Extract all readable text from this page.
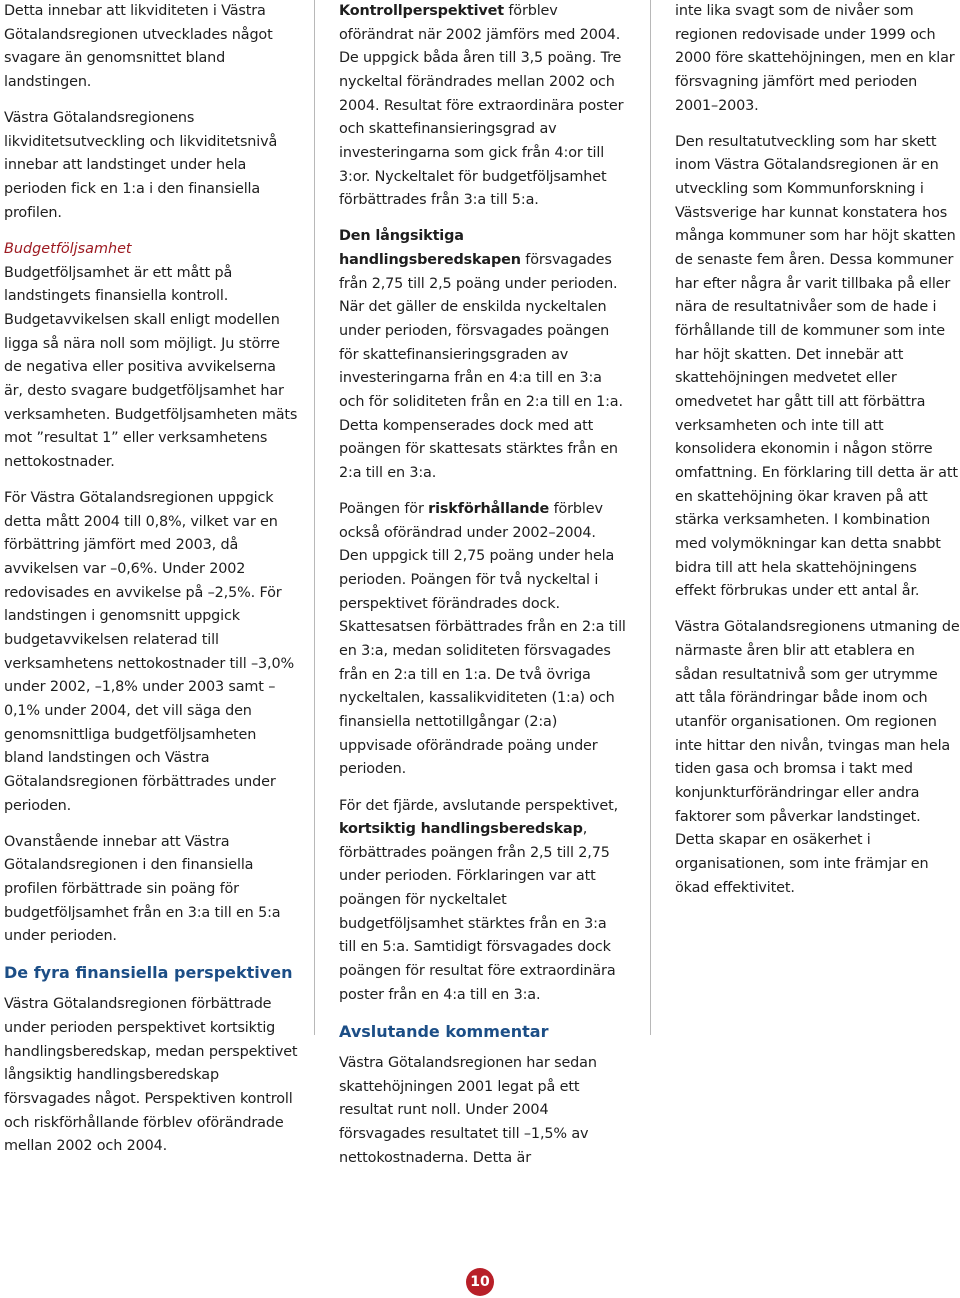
Detta innebar att likviditeten i Västra Götalandsregionen utvecklades något svagare än genomsnittet bland landstingen.

Västra Götalandsregionens likviditetsutveckling och likviditetsnivå innebar att landstinget under hela perioden fick en 1:a i den finansiella profilen.

Budgetföljsamhet

Budgetföljsamhet är ett mått på landstingets finansiella kontroll. Budgetavvikelsen skall enligt modellen ligga så nära noll som möjligt. Ju större de negativa eller positiva avvikelserna är, desto svagare budgetföljsamhet har verksamheten. Budgetföljsamheten mäts mot ”resultat 1” eller verksamhetens nettokostnader.

För Västra Götalandsregionen uppgick detta mått 2004 till 0,8%, vilket var en förbättring jämfört med 2003, då avvikelsen var –0,6%. Under 2002 redovisades en avvikelse på –2,5%. För landstingen i genomsnitt uppgick budgetavvikelsen relaterad till verksamhetens nettokostnader till –3,0% under 2002, –1,8% under 2003 samt –0,1% under 2004, det vill säga den genomsnittliga budgetföljsamheten bland landstingen och Västra Götalandsregionen förbättrades under perioden.

Ovanstående innebar att Västra Götalandsregionen i den finansiella profilen förbättrade sin poäng för budgetföljsamhet från en 3:a till en 5:a under perioden.

De fyra finansiella perspektiven

Västra Götalandsregionen förbättrade under perioden perspektivet kortsiktig handlingsberedskap, medan perspektivet långsiktig handlingsberedskap försvagades något. Perspektiven kontroll och riskförhållande förblev oförändrade mellan 2002 och 2004.

Kontrollperspektivet förblev oförändrat när 2002 jämförs med 2004. De uppgick båda åren till 3,5 poäng. Tre nyckeltal förändrades mellan 2002 och 2004. Resultat före extraordinära poster och skattefinansieringsgrad av investeringarna som gick från 4:or till 3:or. Nyckeltalet för budgetföljsamhet förbättrades från 3:a till 5:a.

Den långsiktiga handlingsberedskapen försvagades från 2,75 till 2,5 poäng under perioden. När det gäller de enskilda nyckeltalen under perioden, försvagades poängen för skattefinansieringsgraden av investeringarna från en 4:a till en 3:a och för soliditeten från en 2:a till en 1:a. Detta kompenserades dock med att poängen för skattesats stärktes från en 2:a till en 3:a.

Poängen för riskförhållande förblev också oförändrad under 2002–2004. Den uppgick till 2,75 poäng under hela perioden. Poängen för två nyckeltal i perspektivet förändrades dock. Skattesatsen förbättrades från en 2:a till en 3:a, medan soliditeten försvagades från en 2:a till en 1:a. De två övriga nyckeltalen, kassalikviditeten (1:a) och finansiella nettotillgångar (2:a) uppvisade oförändrade poäng under perioden.

För det fjärde, avslutande perspektivet, kortsiktig handlingsberedskap, förbättrades poängen från 2,5 till 2,75 under perioden. Förklaringen var att poängen för nyckeltalet budgetföljsamhet stärktes från en 3:a till en 5:a. Samtidigt försvagades dock poängen för resultat före extraordinära poster från en 4:a till en 3:a.

Avslutande kommentar

Västra Götalandsregionen har sedan skattehöjningen 2001 legat på ett resultat runt noll. Under 2004 försvagades resultatet till –1,5% av nettokostnaderna. Detta är

inte lika svagt som de nivåer som regionen redovisade under 1999 och 2000 före skattehöjningen, men en klar försvagning jämfört med perioden 2001–2003.

Den resultatutveckling som har skett inom Västra Götalandsregionen är en utveckling som Kommunforskning i Västsverige har kunnat konstatera hos många kommuner som har höjt skatten de senaste fem åren. Dessa kommuner har efter några år varit tillbaka på eller nära de resultatnivåer som de hade i förhållande till de kommuner som inte har höjt skatten. Det innebär att skattehöjningen medvetet eller omedvetet har gått till att förbättra verksamheten och inte till att konsolidera ekonomin i någon större omfattning. En förklaring till detta är att en skattehöjning ökar kraven på att stärka verksamheten. I kombination med volymökningar kan detta snabbt bidra till att hela skattehöjningens effekt förbrukas under ett antal år.

Västra Götalandsregionens utmaning de närmaste åren blir att etablera en sådan resultatnivå som ger utrymme att tåla förändringar både inom och utanför organisationen. Om regionen inte hittar den nivån, tvingas man hela tiden gasa och bromsa i takt med konjunkturförändringar eller andra faktorer som påverkar landstinget. Detta skapar en osäkerhet i organisationen, som inte främjar en ökad effektivitet.

10
